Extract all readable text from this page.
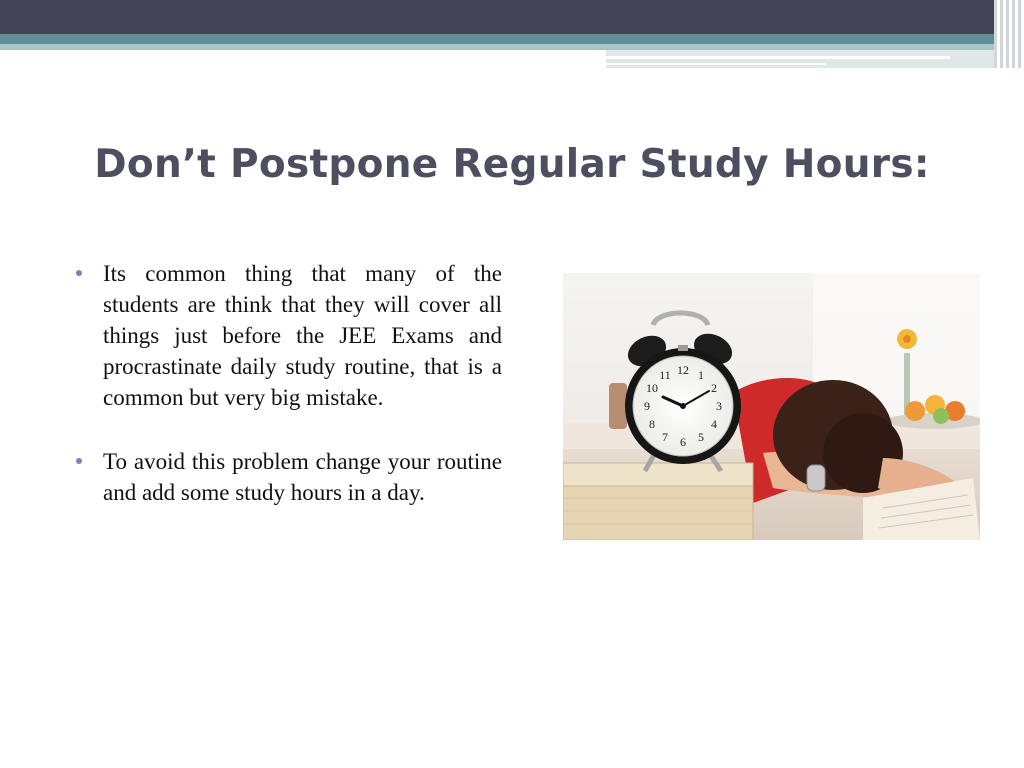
Don’t Postpone Regular Study Hours:
Its common thing that many of the students are think that they will cover all things just before the JEE Exams and procrastinate daily study routine, that is a common but very big mistake.
To avoid this problem change your routine and add some study hours in a day.
12 1
2
3
4
5
6
7
8
9
10
11
